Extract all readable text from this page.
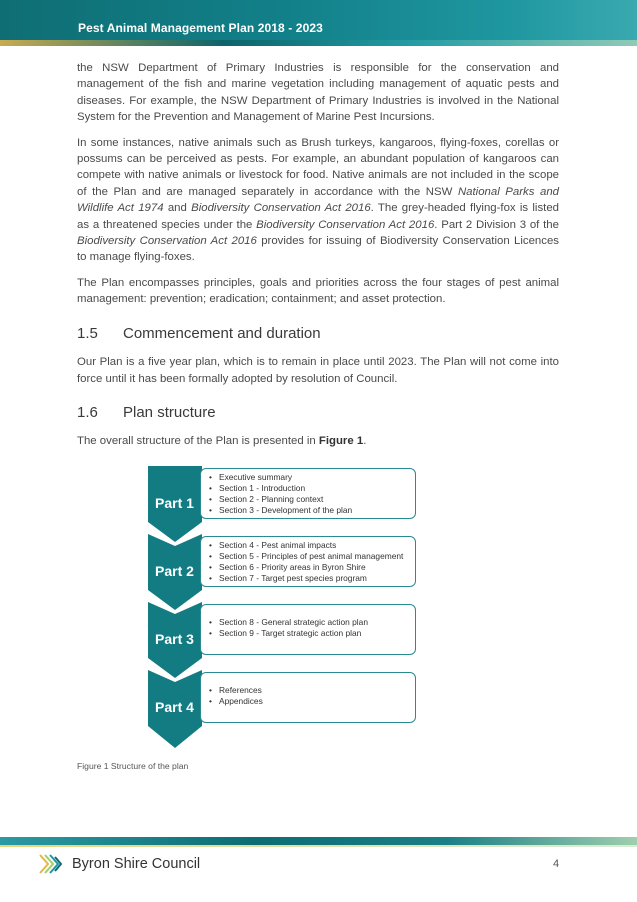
Pest Animal Management Plan 2018 - 2023

the NSW Department of Primary Industries is responsible for the conservation and management of the fish and marine vegetation including management of aquatic pests and diseases. For example, the NSW Department of Primary Industries is involved in the National System for the Prevention and Management of Marine Pest Incursions.

In some instances, native animals such as Brush turkeys, kangaroos, flying-foxes, corellas or possums can be perceived as pests. For example, an abundant population of kangaroos can compete with native animals or livestock for food. Native animals are not included in the scope of the Plan and are managed separately in accordance with the NSW National Parks and Wildlife Act 1974 and Biodiversity Conservation Act 2016. The grey-headed flying-fox is listed as a threatened species under the Biodiversity Conservation Act 2016. Part 2 Division 3 of the Biodiversity Conservation Act 2016 provides for issuing of Biodiversity Conservation Licences to manage flying-foxes.

The Plan encompasses principles, goals and priorities across the four stages of pest animal management: prevention; eradication; containment; and asset protection.

1.5	Commencement and duration

Our Plan is a five year plan, which is to remain in place until 2023. The Plan will not come into force until it has been formally adopted by resolution of Council.

1.6	Plan structure

The overall structure of the Plan is presented in Figure 1.

Part 1
• Executive summary
• Section 1 - Introduction
• Section 2 - Planning context
• Section 3 - Development of the plan
Part 2
• Section 4 - Pest animal impacts
• Section 5 - Principles of pest animal management
• Section 6 - Priority areas in Byron Shire
• Section 7 - Target pest species program
Part 3
• Section 8 - General strategic action plan
• Section 9 - Target strategic action plan
Part 4
• References
• Appendices
Figure 1 Structure of the plan
Byron Shire Council	4
